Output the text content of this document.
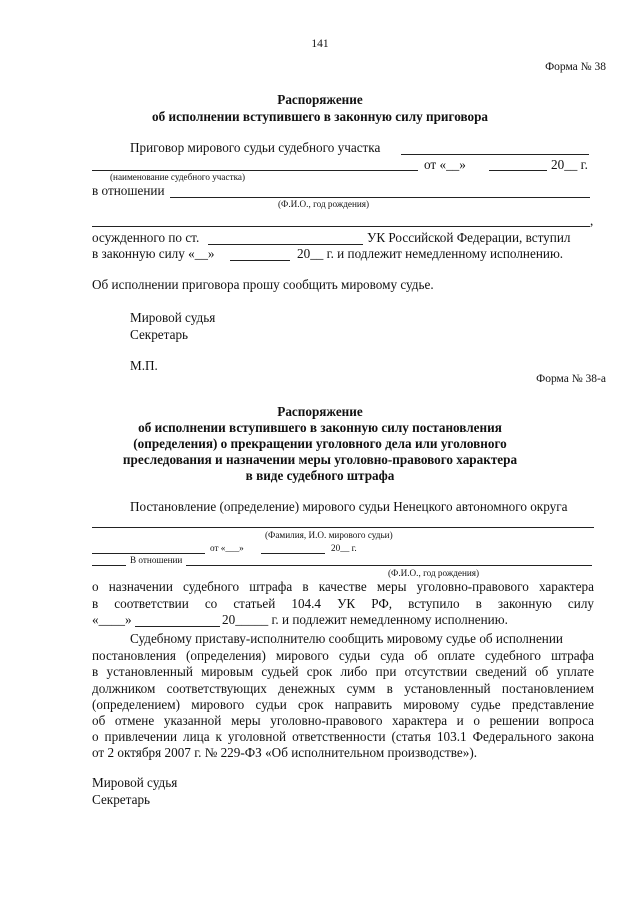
141
Форма № 38
Распоряжение
об исполнении вступившего в законную силу приговора
Приговор мирового судьи судебного участка
от «__»	20__ г.
(наименование судебного участка)
в отношении
(Ф.И.О., год рождения)
,
осужденного по ст.	УК Российской Федерации, вступил
в законную силу «__»	20__ г. и подлежит немедленному исполнению.
Об исполнении приговора прошу сообщить мировому судье.
Мировой судья
Секретарь
М.П.
Форма № 38-а
Распоряжение
об исполнении вступившего в законную силу постановления
(определения) о прекращении уголовного дела или уголовного
преследования и назначении меры уголовно-правового характера
в виде судебного штрафа
Постановление (определение) мирового судьи Ненецкого автономного округа
(Фамилия, И.О. мирового судьи)
от «___»	20__ г.
В отношении
(Ф.И.О., год рождения)
о назначении судебного штрафа в качестве меры уголовно-правового характера
в соответствии со статьей 104.4 УК РФ, вступило в законную силу
«____»	20_____ г. и подлежит немедленному исполнению.
Судебному приставу-исполнителю сообщить мировому судье об исполнении
постановления (определения) мирового судьи суда об оплате судебного штрафа
в установленный мировым судьей срок либо при отсутствии сведений об уплате
должником соответствующих денежных сумм в установленный постановлением
(определением) мирового судьи срок направить мировому судье представление
об отмене указанной меры уголовно-правового характера и о решении вопроса
о привлечении лица к уголовной ответственности (статья 103.1 Федерального закона
от 2 октября 2007 г. № 229-ФЗ «Об исполнительном производстве»).
Мировой судья
Секретарь
